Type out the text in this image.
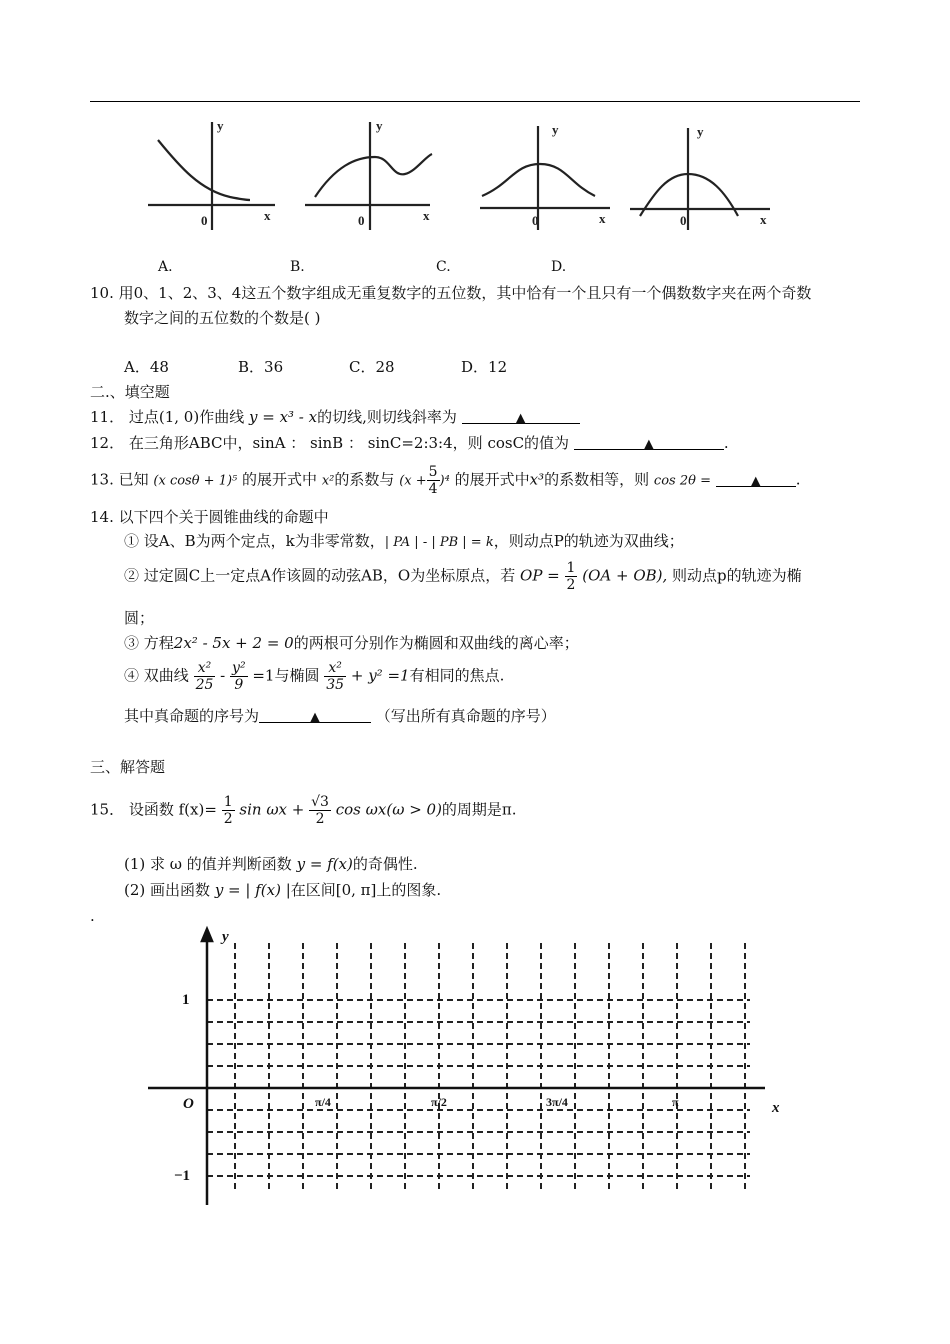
y
x
0
y
x
0
y
x
0
y
x
0
A.	B.	C.	D.
10. 用0、1、2、3、4这五个数字组成无重复数字的五位数，其中恰有一个且只有一个偶数数字夹在两个奇数
数字之间的五位数的个数是( )
A．48	B．36	C．28	D．12
二.、填空题
11． 过点(1, 0)作曲线 y = x³ - x的切线,则切线斜率为	▲
12． 在三角形ABC中，sinA ： sinB ： sinC=2:3:4，则 cosC的值为	▲	.
13. 已知 (x cosθ + 1)⁵ 的展开式中 x²的系数与 $(x + \frac{5}{4} )^4$ 的展开式中x³的系数相等，则 cos 2θ =	▲ .
14. 以下四个关于圆锥曲线的命题中
① 设A、B为两个定点，k为非零常数，| PA | - | PB | = k，则动点P的轨迹为双曲线；
② 过定圆C上一定点A作该圆的动弦AB，O为坐标原点，若 OP = $\frac{1}{2} (OA + OB)$, 则动点p的轨迹为椭
圆；
③ 方程2x² - 5x + 2 = 0的两根可分别作为椭圆和双曲线的离心率；
④ 双曲线 $\frac{\text{x²}}{25} - \frac{\text{y²}}{9} =1$与椭圆 $\frac{\text{x²}}{35} + y^2 =1$有相同的焦点.
其中真命题的序号为	▲	（写出所有真命题的序号）
三、解答题
15． 设函数 $f(x)= \frac{1}{2}$ $\sin \omega x + \frac{√3}{2}$ cos ωx(ω > 0)的周期是π.
(1) 求 ω 的值并判断函数 y = f(x)的奇偶性.
(2) 画出函数 y = | f(x) |在区间[0, π]上的图象.
.
y
x
O
1
−1
π/4	π/2	3π/4	π
